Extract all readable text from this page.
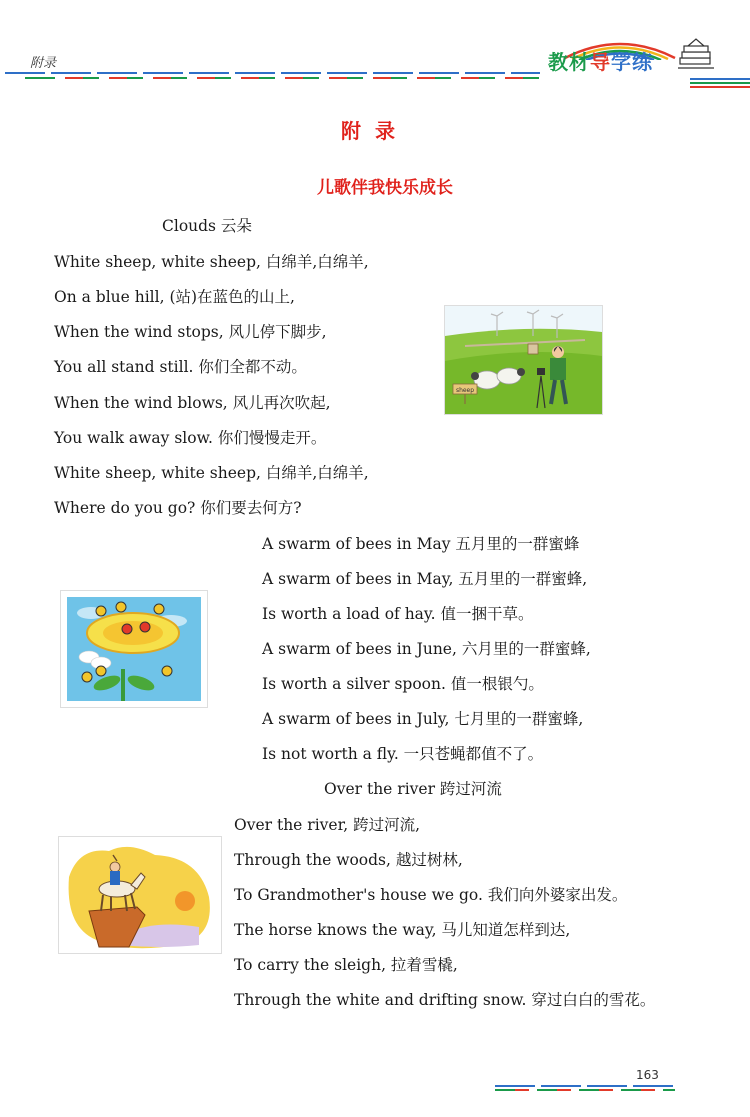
附录	教材导学练
附录
儿歌伴我快乐成长
Clouds 云朵
White sheep, white sheep, 白绵羊,白绵羊,
On a blue hill, (站)在蓝色的山上,
When the wind stops, 风儿停下脚步,
You all stand still. 你们全都不动。
When the wind blows, 风儿再次吹起,
You walk away slow. 你们慢慢走开。
White sheep, white sheep, 白绵羊,白绵羊,
Where do you go? 你们要去何方?
sheep
A swarm of bees in May 五月里的一群蜜蜂
A swarm of bees in May, 五月里的一群蜜蜂,
Is worth a load of hay. 值一捆干草。
A swarm of bees in June, 六月里的一群蜜蜂,
Is worth a silver spoon. 值一根银勺。
A swarm of bees in July, 七月里的一群蜜蜂,
Is not worth a fly. 一只苍蝇都值不了。
Over the river 跨过河流
Over the river, 跨过河流,
Through the woods, 越过树林,
To Grandmother's house we go. 我们向外婆家出发。
The horse knows the way, 马儿知道怎样到达,
To carry the sleigh, 拉着雪橇,
Through the white and drifting snow. 穿过白白的雪花。
163
